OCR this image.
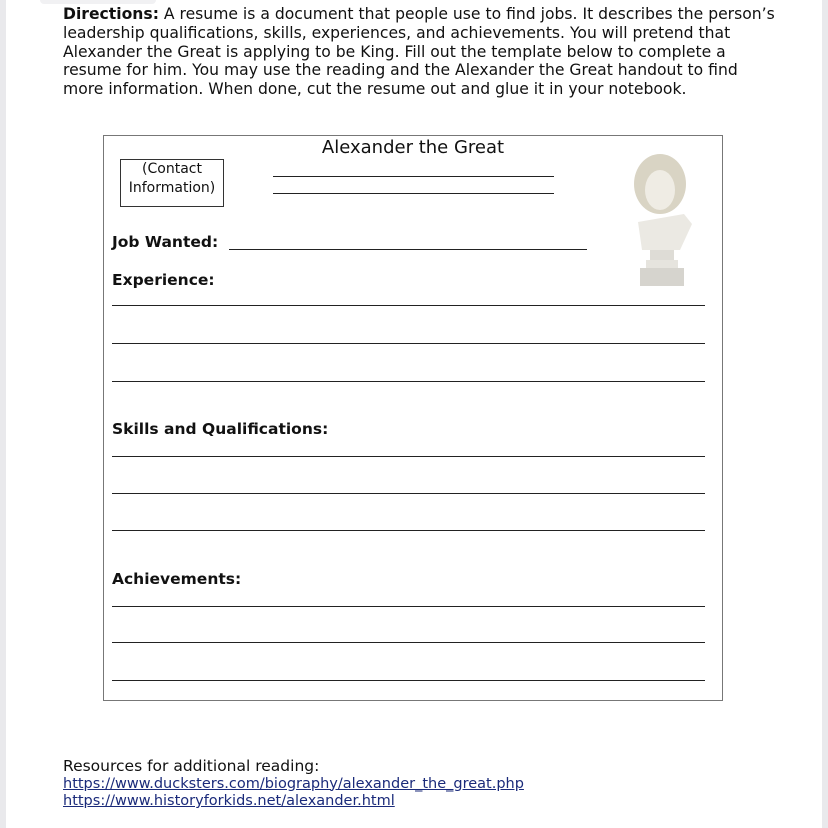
Directions: A resume is a document that people use to find jobs. It describes the person’s leadership qualifications, skills, experiences, and achievements. You will pretend that Alexander the Great is applying to be King. Fill out the template below to complete a resume for him. You may use the reading and the Alexander the Great handout to find more information. When done, cut the resume out and glue it in your notebook.
Alexander the Great
(Contact
Information)
Job Wanted:
Experience:
Skills and Qualifications:
Achievements:
Resources for additional reading:
https://www.ducksters.com/biography/alexander_the_great.php
https://www.historyforkids.net/alexander.html
